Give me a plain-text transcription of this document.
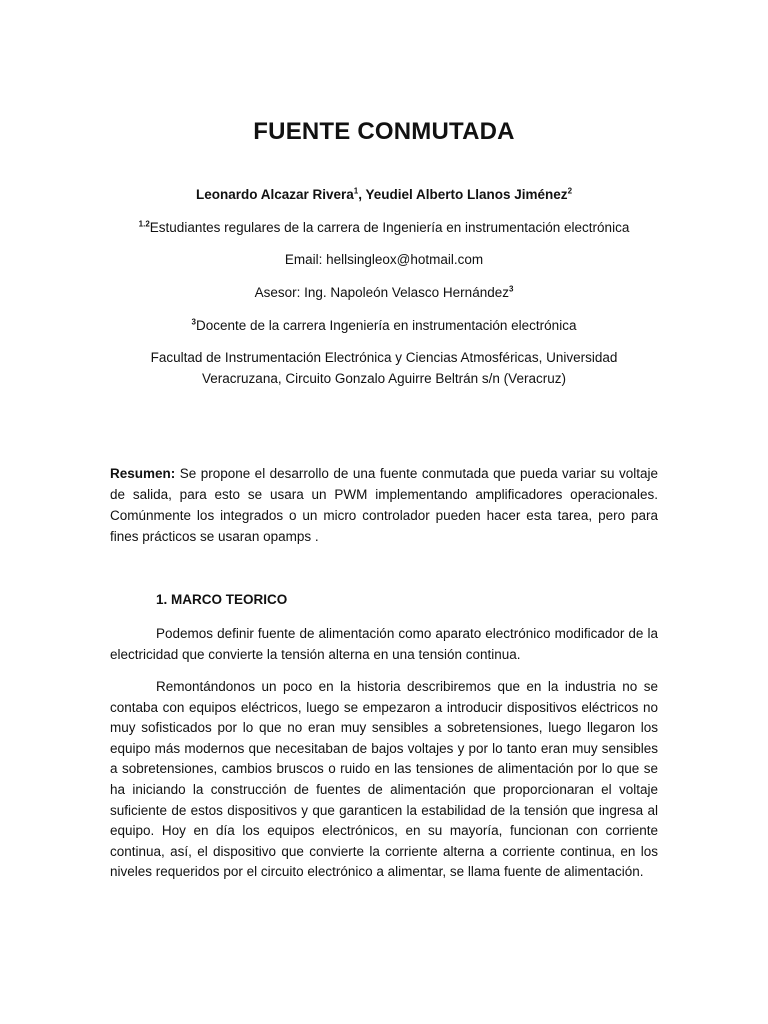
FUENTE CONMUTADA
Leonardo Alcazar Rivera$^1$, Yeudiel Alberto Llanos Jiménez$^2$
$^{1.2}$Estudiantes regulares de la carrera de Ingeniería en instrumentación electrónica
Email: hellsingleox@hotmail.com
Asesor: Ing. Napoleón Velasco Hernández$^3$
$^3$Docente de la carrera Ingeniería en instrumentación electrónica
Facultad de Instrumentación Electrónica y Ciencias Atmosféricas, Universidad
Veracruzana, Circuito Gonzalo Aguirre Beltrán s/n (Veracruz)
Resumen: Se propone el desarrollo de una fuente conmutada que pueda variar su voltaje de salida, para esto se usara un PWM implementando amplificadores operacionales. Comúnmente los integrados o un micro controlador pueden hacer esta tarea, pero para fines prácticos se usaran opamps .
1. MARCO TEORICO
Podemos definir fuente de alimentación como aparato electrónico modificador de la electricidad que convierte la tensión alterna en una tensión continua.
Remontándonos un poco en la historia describiremos que en la industria no se contaba con equipos eléctricos, luego se empezaron a introducir dispositivos eléctricos no muy sofisticados por lo que no eran muy sensibles a sobretensiones, luego llegaron los equipo más modernos que necesitaban de bajos voltajes y por lo tanto eran muy sensibles a sobretensiones, cambios bruscos o ruido en las tensiones de alimentación por lo que se ha iniciando la construcción de fuentes de alimentación que proporcionaran el voltaje suficiente de estos dispositivos y que garanticen la estabilidad de la tensión que ingresa al equipo. Hoy en día los equipos electrónicos, en su mayoría, funcionan con corriente continua, así, el dispositivo que convierte la corriente alterna a corriente continua, en los niveles requeridos por el circuito electrónico a alimentar, se llama fuente de alimentación.
